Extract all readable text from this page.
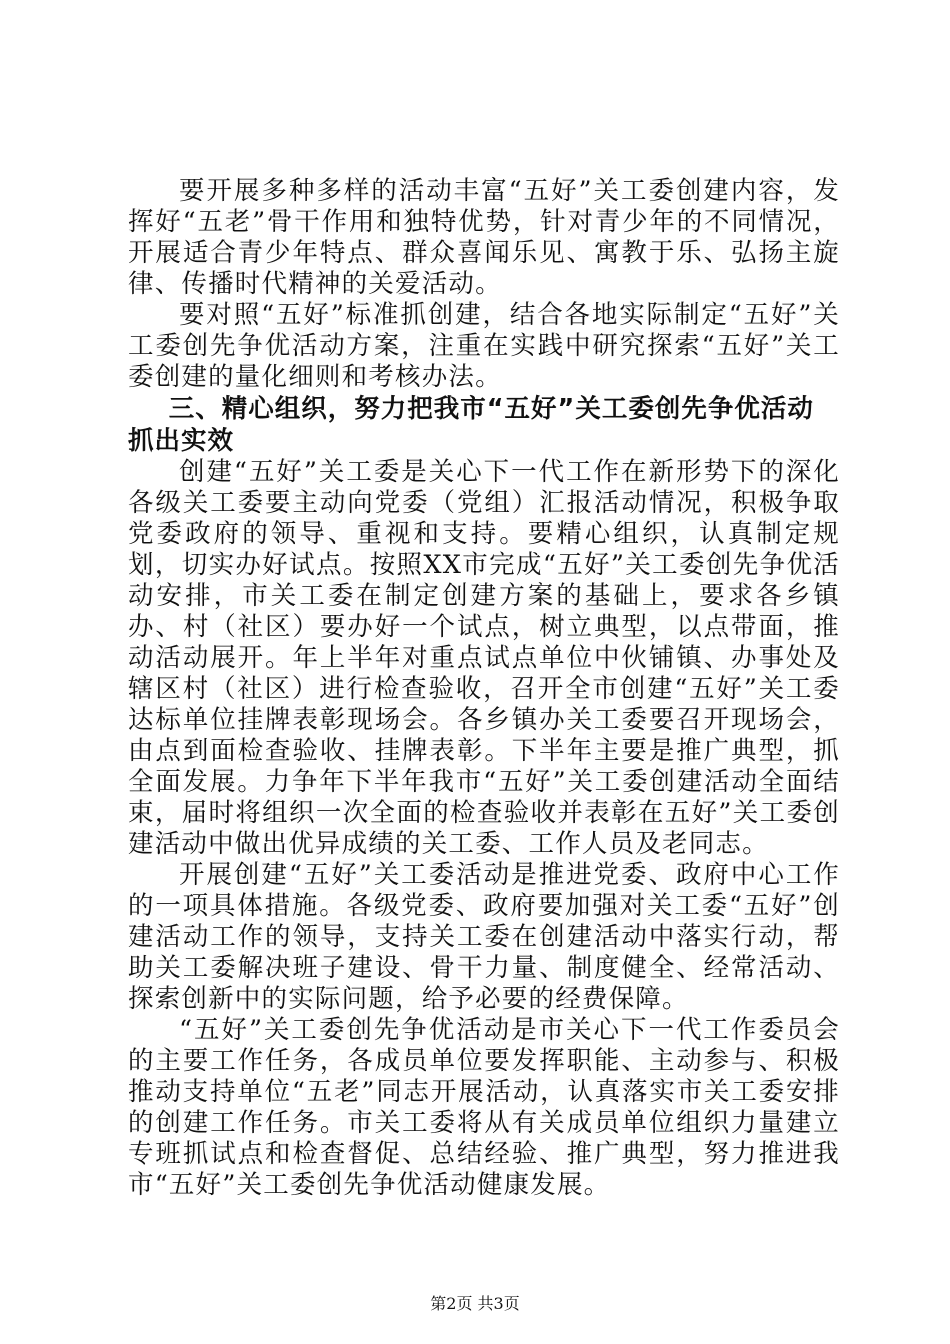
要开展多种多样的活动丰富“五好”关工委创建内容，发挥好“五老”骨干作用和独特优势，针对青少年的不同情况，开展适合青少年特点、群众喜闻乐见、寓教于乐、弘扬主旋律、传播时代精神的关爱活动。

要对照“五好”标准抓创建，结合各地实际制定“五好”关工委创先争优活动方案，注重在实践中研究探索“五好”关工委创建的量化细则和考核办法。

三、精心组织，努力把我市“五好”关工委创先争优活动抓出实效

创建“五好”关工委是关心下一代工作在新形势下的深化各级关工委要主动向党委（党组）汇报活动情况，积极争取党委政府的领导、重视和支持。要精心组织，认真制定规划，切实办好试点。按照XX市完成“五好”关工委创先争优活动安排，市关工委在制定创建方案的基础上，要求各乡镇办、村（社区）要办好一个试点，树立典型，以点带面，推动活动展开。年上半年对重点试点单位中伙铺镇、办事处及辖区村（社区）进行检查验收，召开全市创建“五好”关工委达标单位挂牌表彰现场会。各乡镇办关工委要召开现场会，由点到面检查验收、挂牌表彰。下半年主要是推广典型，抓全面发展。力争年下半年我市“五好”关工委创建活动全面结束，届时将组织一次全面的检查验收并表彰在五好”关工委创建活动中做出优异成绩的关工委、工作人员及老同志。

开展创建“五好”关工委活动是推进党委、政府中心工作的一项具体措施。各级党委、政府要加强对关工委“五好”创建活动工作的领导，支持关工委在创建活动中落实行动，帮助关工委解决班子建设、骨干力量、制度健全、经常活动、探索创新中的实际问题，给予必要的经费保障。

“五好”关工委创先争优活动是市关心下一代工作委员会的主要工作任务，各成员单位要发挥职能、主动参与、积极推动支持单位“五老”同志开展活动，认真落实市关工委安排的创建工作任务。市关工委将从有关成员单位组织力量建立专班抓试点和检查督促、总结经验、推广典型，努力推进我市“五好”关工委创先争优活动健康发展。

第2页 共3页
